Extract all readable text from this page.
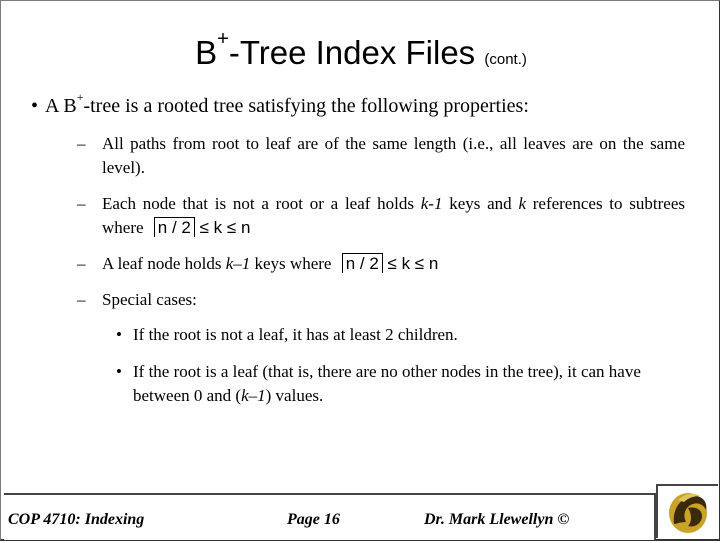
B+-Tree Index Files (cont.)
• A B+-tree is a rooted tree satisfying the following properties:
– All paths from root to leaf are of the same length (i.e., all leaves are on the same level).
– Each node that is not a root or a leaf holds k-1 keys and k references to subtrees where n / 2 ≤ k ≤ n
– A leaf node holds k–1 keys where n / 2 ≤ k ≤ n
– Special cases:
• If the root is not a leaf, it has at least 2 children.
• If the root is a leaf (that is, there are no other nodes in the tree), it can have between 0 and (k–1) values.
COP 4710: Indexing	Page 16	Dr. Mark Llewellyn ©
